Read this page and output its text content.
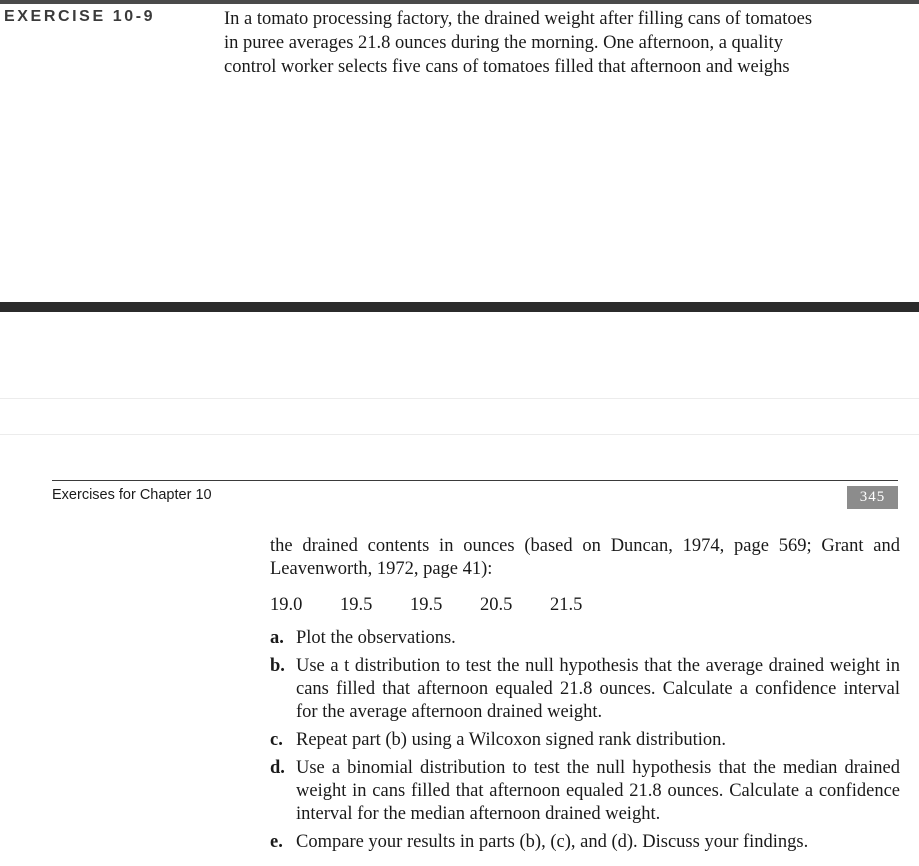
EXERCISE 10-9	In a tomato processing factory, the drained weight after filling cans of tomatoes

in puree averages 21.8 ounces during the morning. One afternoon, a quality

control worker selects five cans of tomatoes filled that afternoon and weighs

Exercises for Chapter 10	345

the drained contents in ounces (based on Duncan, 1974, page 569; Grant and Leavenworth, 1972, page 41):

19.0	19.5	19.5	20.5	21.5
a. Plot the observations.
b. Use a t distribution to test the null hypothesis that the average drained weight in cans filled that afternoon equaled 21.8 ounces. Calculate a confidence interval for the average afternoon drained weight.
c. Repeat part (b) using a Wilcoxon signed rank distribution.
d. Use a binomial distribution to test the null hypothesis that the median drained weight in cans filled that afternoon equaled 21.8 ounces. Calculate a confidence interval for the median afternoon drained weight.
e. Compare your results in parts (b), (c), and (d). Discuss your findings.
